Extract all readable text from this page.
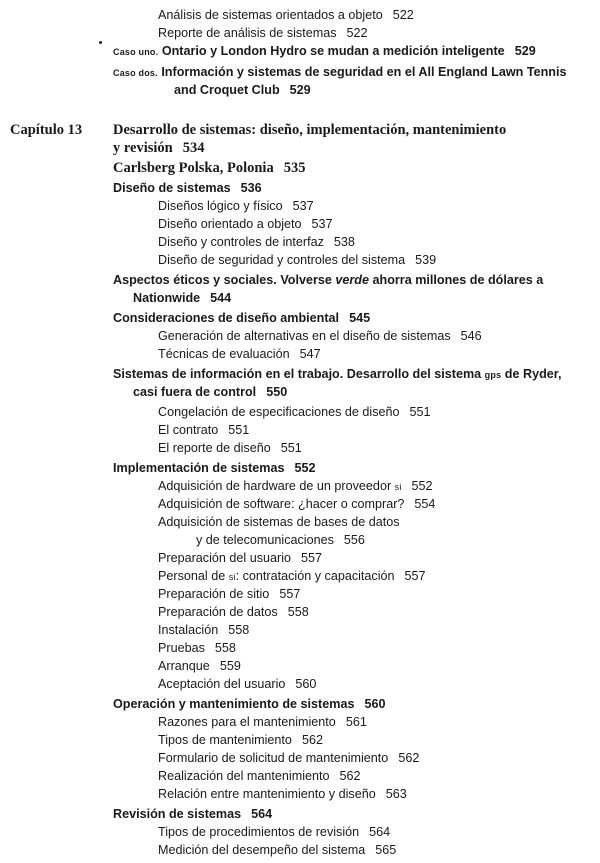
Análisis de sistemas orientados a objeto 522
Reporte de análisis de sistemas 522
Caso uno. Ontario y London Hydro se mudan a medición inteligente 529
Caso dos. Información y sistemas de seguridad en el All England Lawn Tennis
and Croquet Club 529
Capítulo 13 Desarrollo de sistemas: diseño, implementación, mantenimiento
y revisión 534
Carlsberg Polska, Polonia 535
Diseño de sistemas 536
Diseños lógico y físico 537
Diseño orientado a objeto 537
Diseño y controles de interfaz 538
Diseño de seguridad y controles del sistema 539
Aspectos éticos y sociales. Volverse verde ahorra millones de dólares a
Nationwide 544
Consideraciones de diseño ambiental 545
Generación de alternativas en el diseño de sistemas 546
Técnicas de evaluación 547
Sistemas de información en el trabajo. Desarrollo del sistema gps de Ryder,
casi fuera de control 550
Congelación de especificaciones de diseño 551
El contrato 551
El reporte de diseño 551
Implementación de sistemas 552
Adquisición de hardware de un proveedor si 552
Adquisición de software: ¿hacer o comprar? 554
Adquisición de sistemas de bases de datos
y de telecomunicaciones 556
Preparación del usuario 557
Personal de si: contratación y capacitación 557
Preparación de sitio 557
Preparación de datos 558
Instalación 558
Pruebas 558
Arranque 559
Aceptación del usuario 560
Operación y mantenimiento de sistemas 560
Razones para el mantenimiento 561
Tipos de mantenimiento 562
Formulario de solicitud de mantenimiento 562
Realización del mantenimiento 562
Relación entre mantenimiento y diseño 563
Revisión de sistemas 564
Tipos de procedimientos de revisión 564
Medición del desempeño del sistema 565
